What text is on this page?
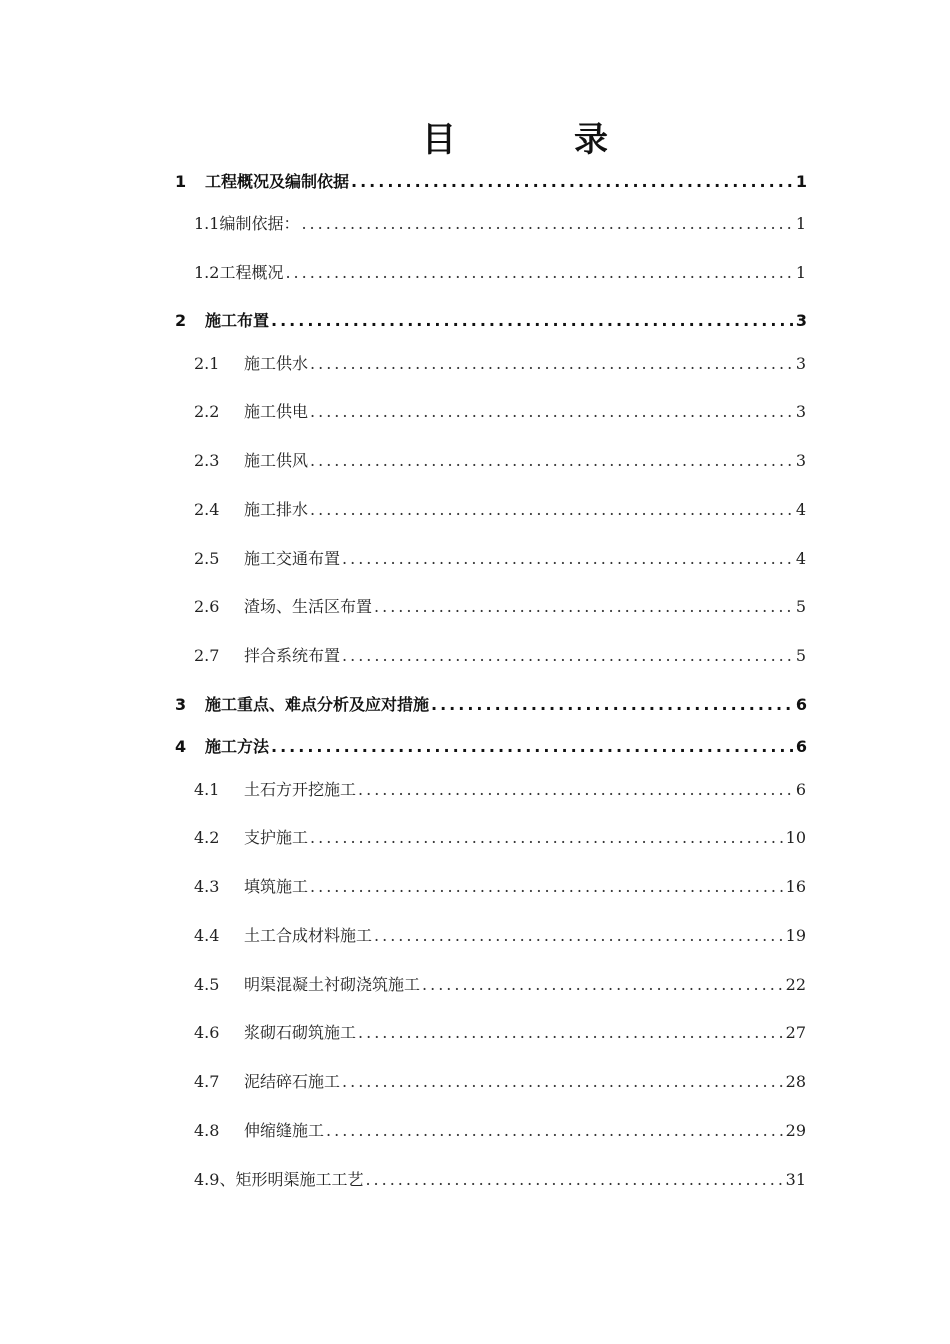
目　录
1	工程概况及编制依据 .....	1
1.1编制依据： .....	1
1.2工程概况 .....	1
2	施工布置 .....	3
2.1	施工供水 .....	3
2.2	施工供电 .....	3
2.3	施工供风 .....	3
2.4	施工排水 .....	4
2.5	施工交通布置 .....	4
2.6	渣场、生活区布置 .....	5
2.7	拌合系统布置 .....	5
3	施工重点、难点分析及应对措施 .....	6
4	施工方法 .....	6
4.1	土石方开挖施工 .....	6
4.2	支护施工 .....	10
4.3	填筑施工 .....	16
4.4	土工合成材料施工 .....	19
4.5	明渠混凝土衬砌浇筑施工 .....	22
4.6	浆砌石砌筑施工 .....	27
4.7	泥结碎石施工 .....	28
4.8	伸缩缝施工 .....	29
4.9、矩形明渠施工工艺 .....	31
